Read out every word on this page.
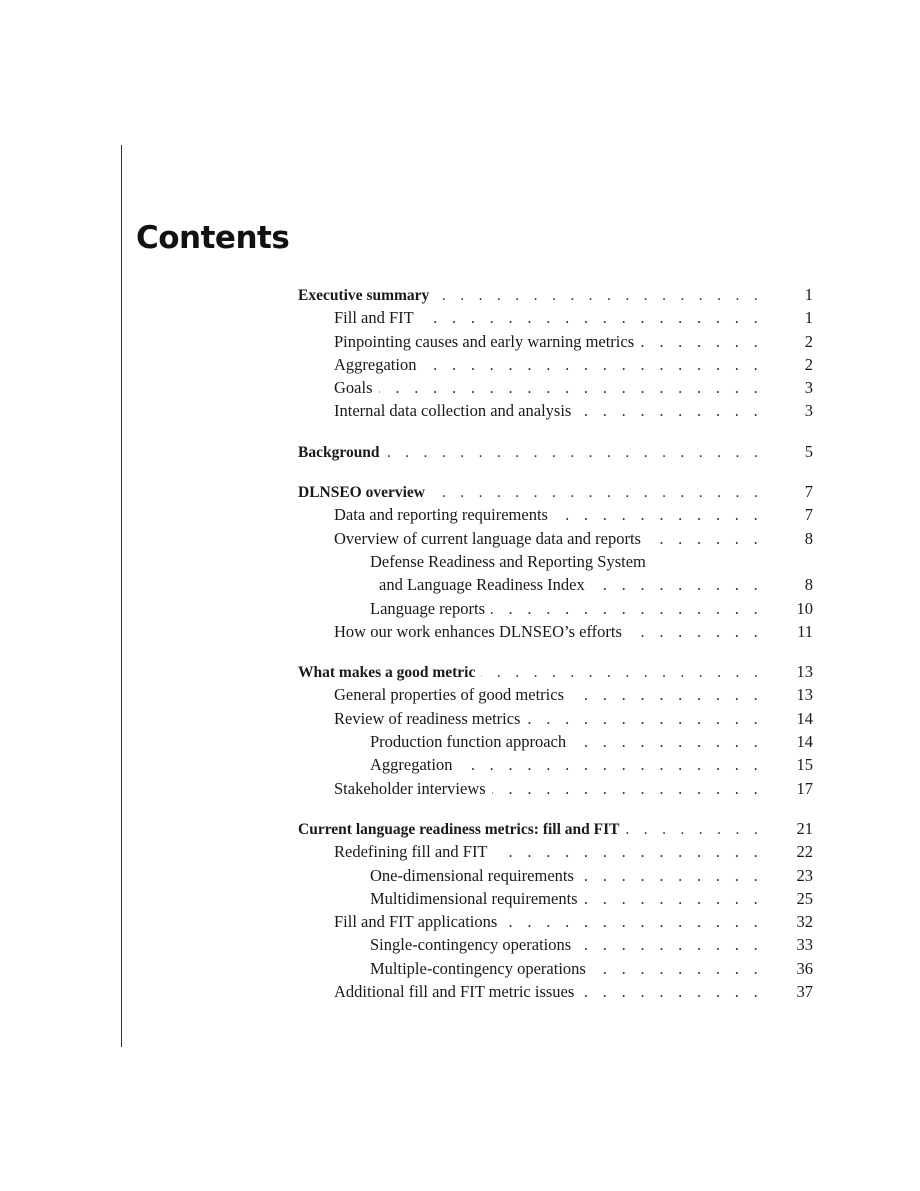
Contents
Executive summary . . .	1
Fill and FIT . . .	1
Pinpointing causes and early warning metrics . . .	2
Aggregation . . .	2
Goals . . .	3
Internal data collection and analysis . . .	3
Background . . .	5
DLNSEO overview . . .	7
Data and reporting requirements . . .	7
Overview of current language data and reports . . .	8
Defense Readiness and Reporting System
and Language Readiness Index . . .	8
Language reports . . .	10
How our work enhances DLNSEO’s efforts . . .	11
What makes a good metric . . .	13
General properties of good metrics . . .	13
Review of readiness metrics . . .	14
Production function approach . . .	14
Aggregation . . .	15
Stakeholder interviews . . .	17
Current language readiness metrics: fill and FIT . . .	21
Redefining fill and FIT . . .	22
One-dimensional requirements . . .	23
Multidimensional requirements . . .	25
Fill and FIT applications . . .	32
Single-contingency operations . . .	33
Multiple-contingency operations . . .	36
Additional fill and FIT metric issues . . .	37
